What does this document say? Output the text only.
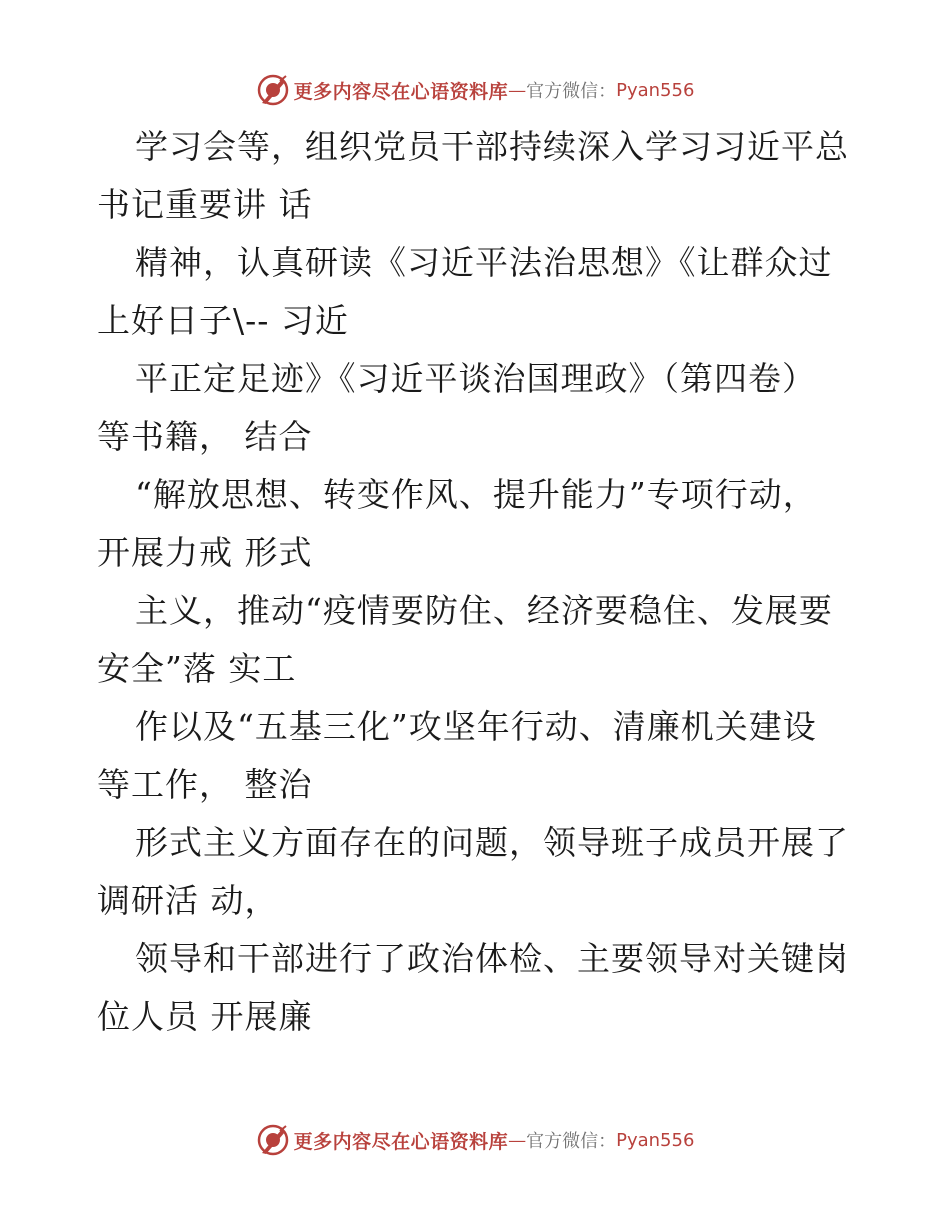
更多内容尽在心语资料库 — 官方微信： Pyan556
学习会等，组织党员干部持续深入学习习近平总
书记重要讲 话
精神，认真研读《习近平法治思想》《让群众过
上好日子\-- 习近
平正定足迹》《习近平谈治国理政》（第四卷）
等书籍， 结合
“解放思想、转变作风、提升能力”专项行动，
开展力戒 形式
主义，推动“疫情要防住、经济要稳住、发展要
安全”落 实工
作以及“五基三化”攻坚年行动、清廉机关建设
等工作， 整治
形式主义方面存在的问题，领导班子成员开展了
调研活 动，
领导和干部进行了政治体检、主要领导对关键岗
位人员 开展廉
更多内容尽在心语资料库 — 官方微信： Pyan556
